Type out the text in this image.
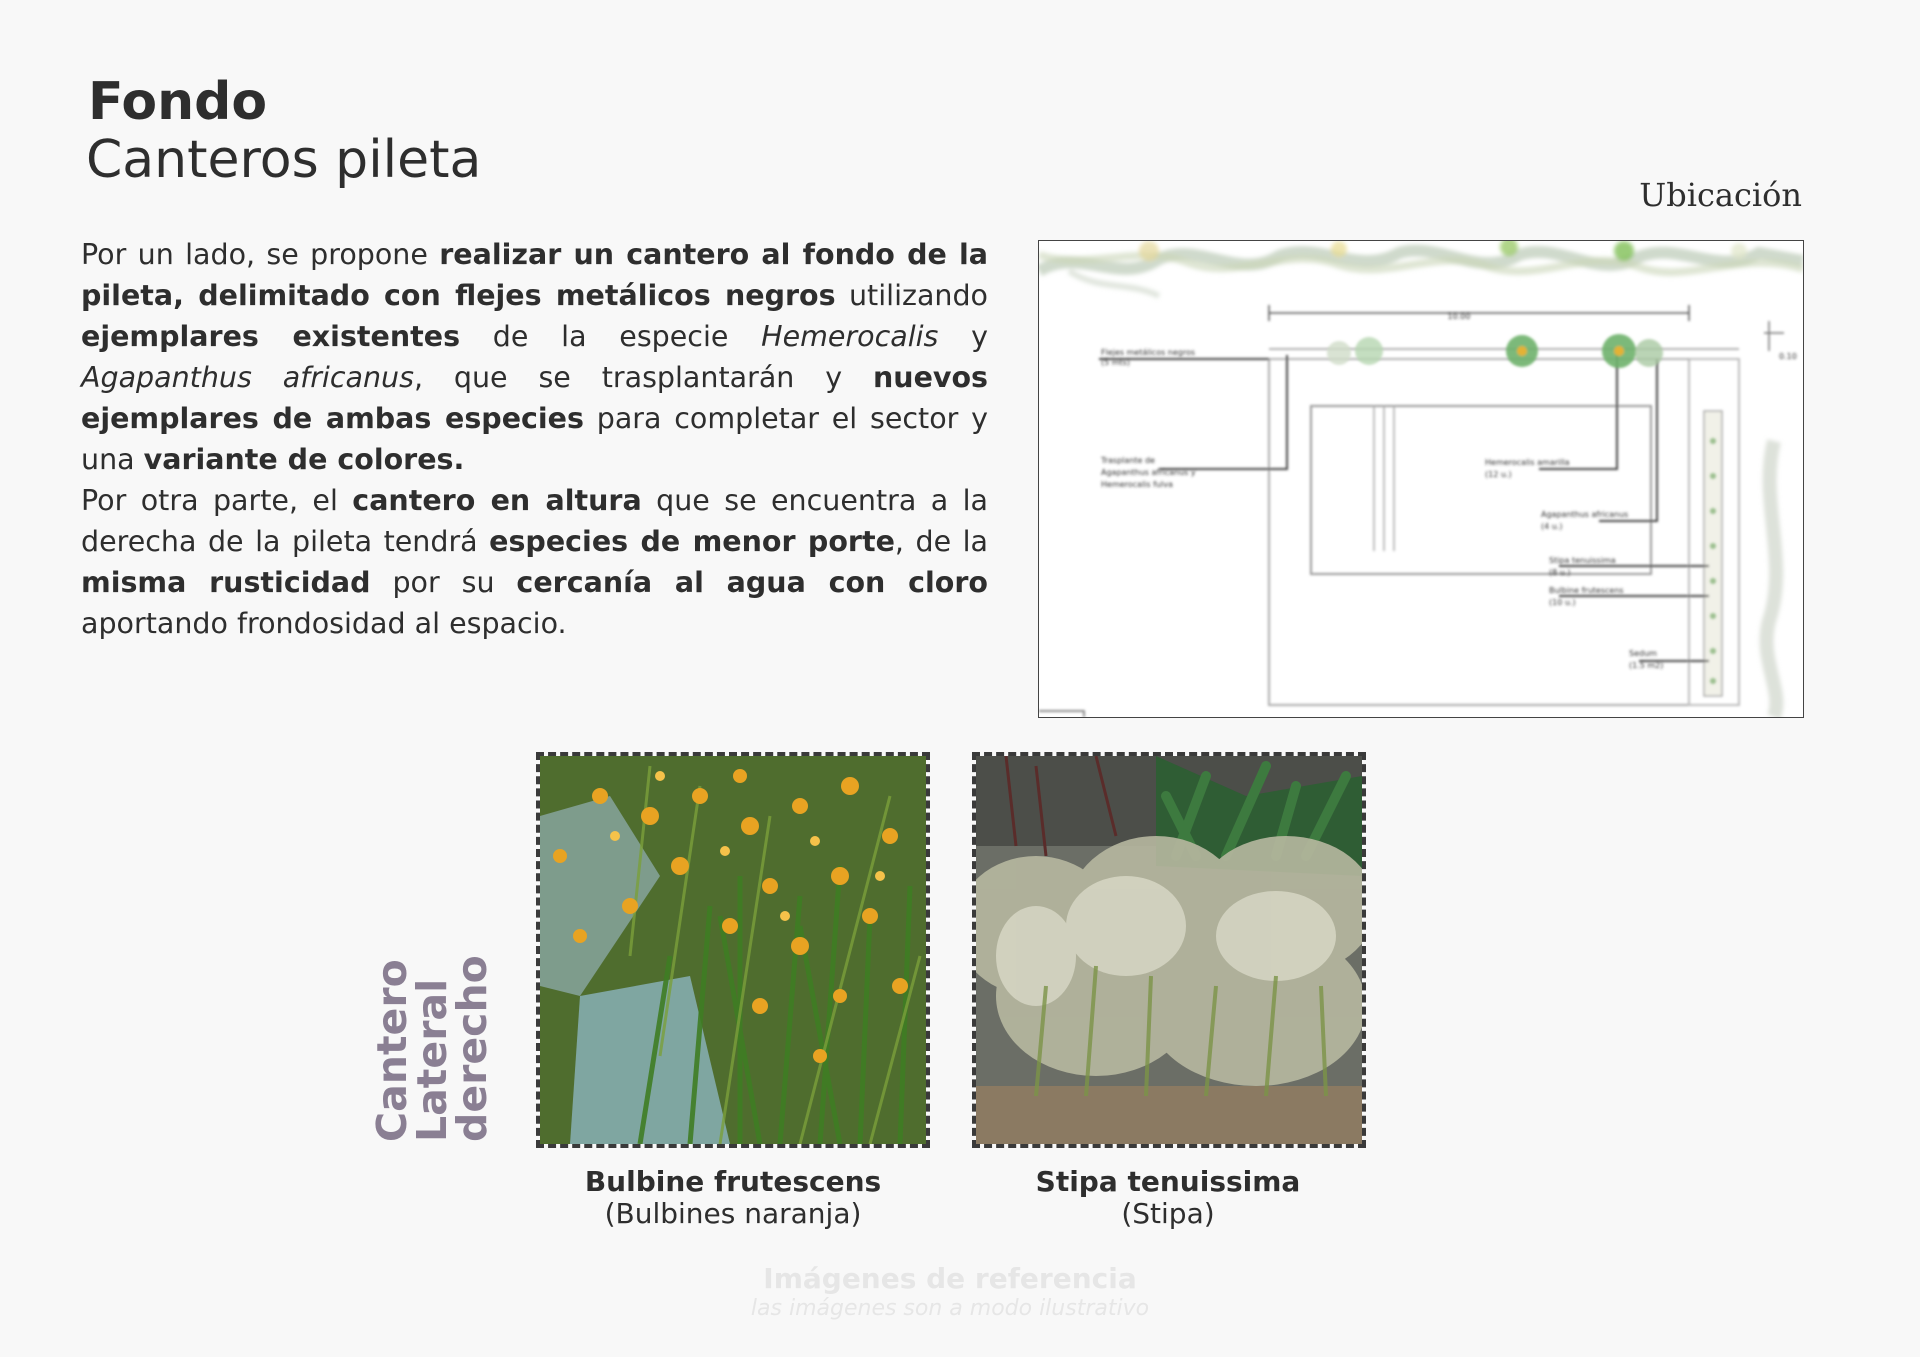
Fondo
Canteros pileta
Ubicación

Por un lado, se propone realizar un cantero al fondo de la pileta, delimitado con flejes metálicos negros utilizando ejemplares existentes de la especie Hemerocalis y Agapanthus africanus, que se trasplantarán y nuevos ejemplares de ambas especies para completar el sector y una variante de colores.

Por otra parte, el cantero en altura que se encuentra a la derecha de la pileta tendrá especies de menor porte, de la misma rusticidad por su cercanía al agua con cloro aportando frondosidad al espacio.

10.00
0.10
Flejes metálicos negros
(5 mts)
Trasplante de
Agapanthus africanus y
Hemerocalis fulva
Hemerocalis amarilla
(12 u.)
Agapanthus africanus
(4 u.)
Stipa tenuissima
(8 u.)
Bulbine frutescens
(10 u.)
Sedum
(1.5 m2)
Cantero
Lateral
derecho
Bulbine frutescens
(Bulbines naranja)
Stipa tenuissima
(Stipa)
Imágenes de referencia
las imágenes son a modo ilustrativo
